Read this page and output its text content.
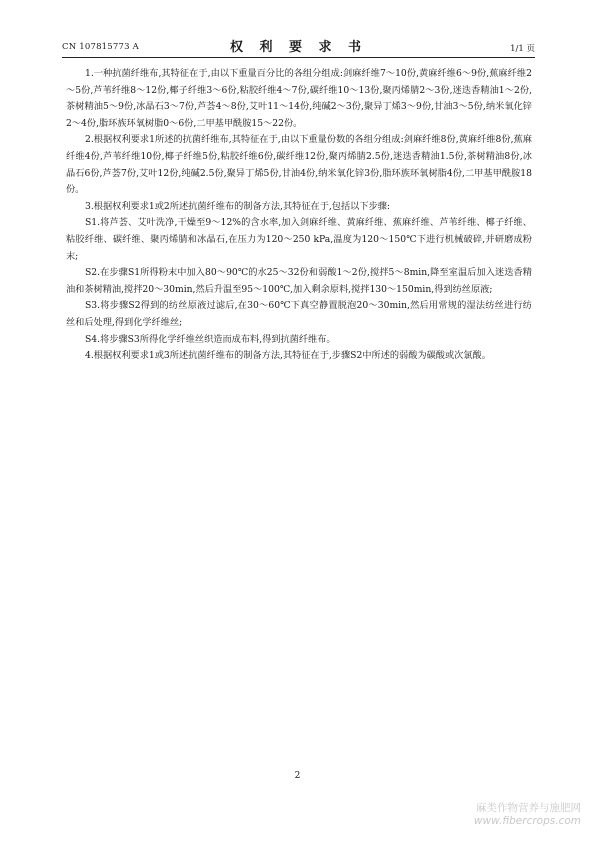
CN 107815773 A	权 利 要 求 书	1/1 页

1.一种抗菌纤维布,其特征在于,由以下重量百分比的各组分组成:剑麻纤维7～10份,黄麻纤维6～9份,蕉麻纤维2～5份,芦苇纤维8～12份,椰子纤维3～6份,粘胶纤维4～7份,碳纤维10～13份,聚丙烯腈2～3份,迷迭香精油1～2份,茶树精油5～9份,冰晶石3～7份,芦荟4～8份,艾叶11～14份,纯碱2～3份,聚异丁烯3～9份,甘油3～5份,纳米氧化锌2～4份,脂环族环氧树脂0～6份,二甲基甲酰胺15～22份。

2.根据权利要求1所述的抗菌纤维布,其特征在于,由以下重量份数的各组分组成:剑麻纤维8份,黄麻纤维8份,蕉麻纤维4份,芦苇纤维10份,椰子纤维5份,粘胶纤维6份,碳纤维12份,聚丙烯腈2.5份,迷迭香精油1.5份,茶树精油8份,冰晶石6份,芦荟7份,艾叶12份,纯碱2.5份,聚异丁烯5份,甘油4份,纳米氧化锌3份,脂环族环氧树脂4份,二甲基甲酰胺18份。

3.根据权利要求1或2所述抗菌纤维布的制备方法,其特征在于,包括以下步骤:

S1.将芦荟、艾叶洗净,干燥至9～12%的含水率,加入剑麻纤维、黄麻纤维、蕉麻纤维、芦苇纤维、椰子纤维、粘胶纤维、碳纤维、聚丙烯腈和冰晶石,在压力为120～250 kPa,温度为120～150℃下进行机械破碎,并研磨成粉末;

S2.在步骤S1所得粉末中加入80～90℃的水25～32份和弱酸1～2份,搅拌5～8min,降至室温后加入迷迭香精油和茶树精油,搅拌20～30min,然后升温至95～100℃,加入剩余原料,搅拌130～150min,得到纺丝原液;

S3.将步骤S2得到的纺丝原液过滤后,在30～60℃下真空静置脱泡20～30min,然后用常规的湿法纺丝进行纺丝和后处理,得到化学纤维丝;

S4.将步骤S3所得化学纤维丝织造而成布料,得到抗菌纤维布。

4.根据权利要求1或3所述抗菌纤维布的制备方法,其特征在于,步骤S2中所述的弱酸为碳酸或次氯酸。

2
麻类作物营养与施肥网
www.fibercrops.com
